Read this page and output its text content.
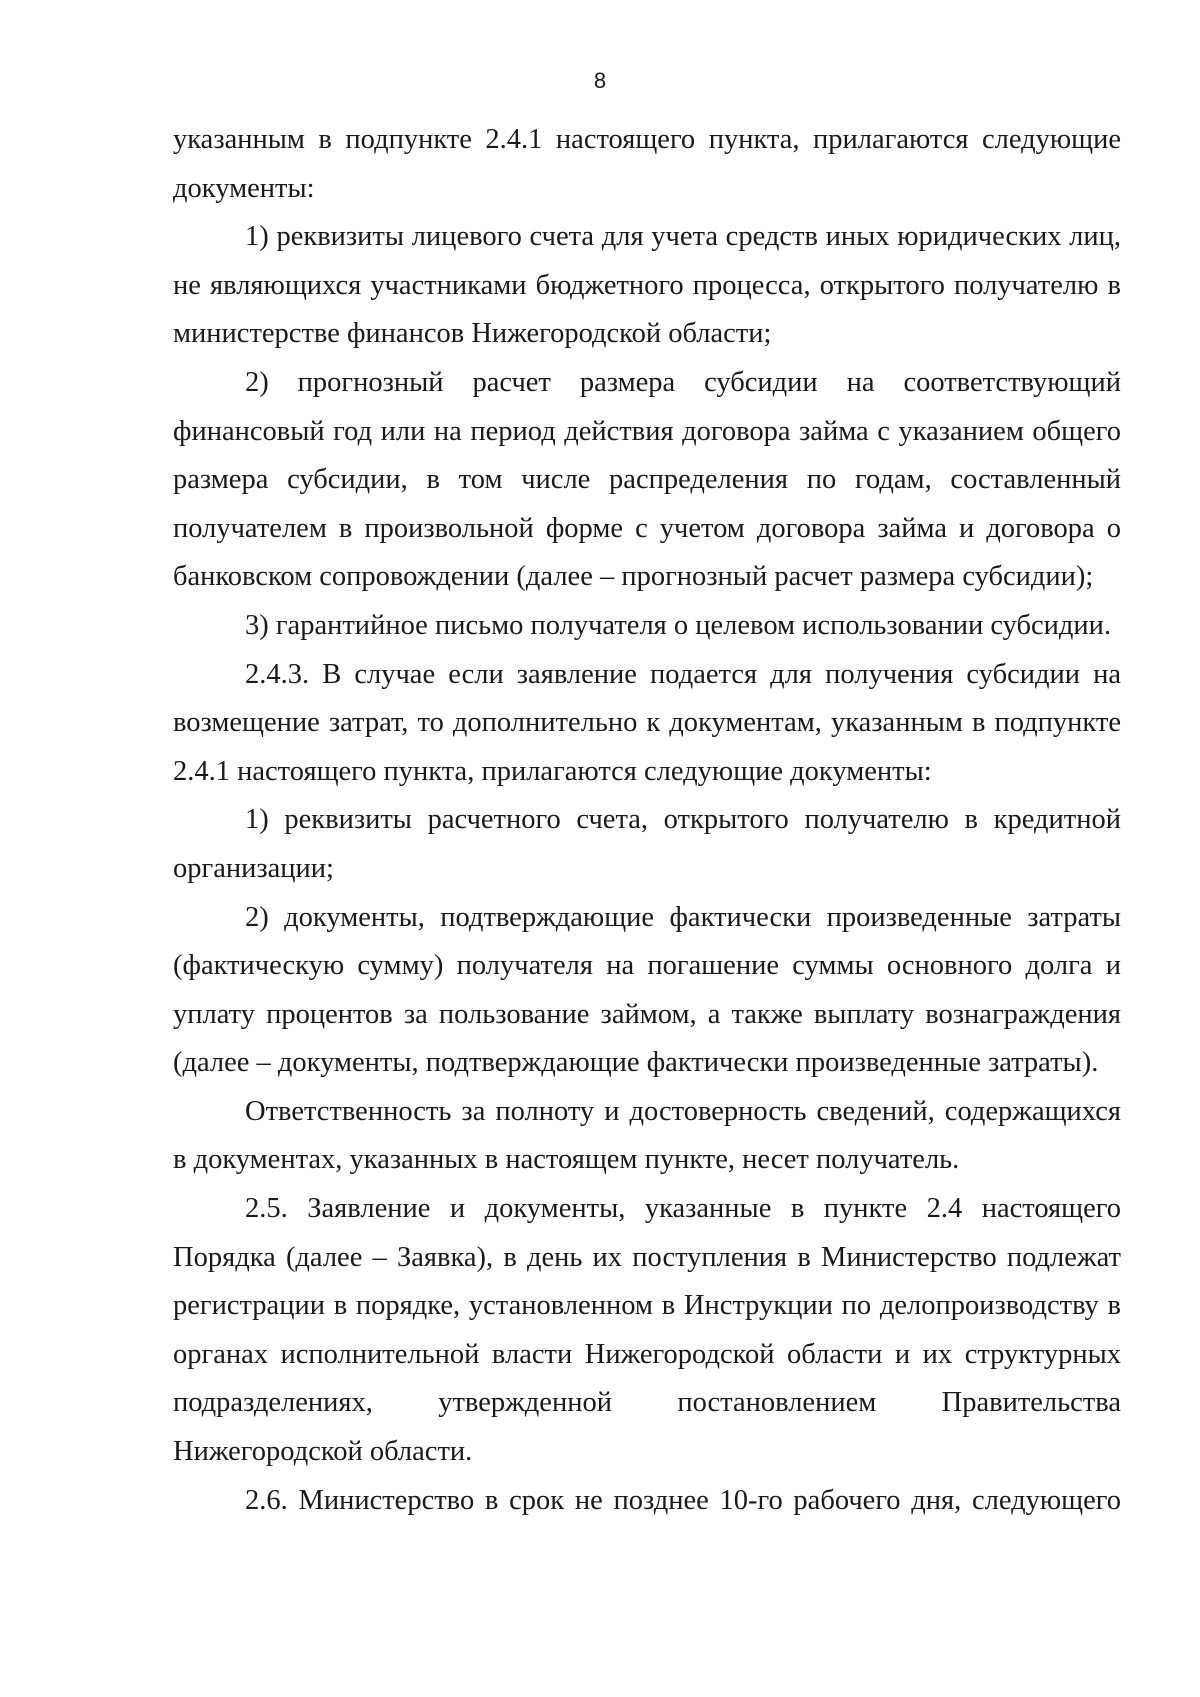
8

указанным в подпункте 2.4.1 настоящего пункта, прилагаются следующие документы:

1) реквизиты лицевого счета для учета средств иных юридических лиц, не являющихся участниками бюджетного процесса, открытого получателю в министерстве финансов Нижегородской области;

2) прогнозный расчет размера субсидии на соответствующий финансовый год или на период действия договора займа с указанием общего размера субсидии, в том числе распределения по годам, составленный получателем в произвольной форме с учетом договора займа и договора о банковском сопровождении (далее – прогнозный расчет размера субсидии);

3) гарантийное письмо получателя о целевом использовании субсидии.

2.4.3. В случае если заявление подается для получения субсидии на возмещение затрат, то дополнительно к документам, указанным в подпункте 2.4.1 настоящего пункта, прилагаются следующие документы:

1) реквизиты расчетного счета, открытого получателю в кредитной организации;

2) документы, подтверждающие фактически произведенные затраты (фактическую сумму) получателя на погашение суммы основного долга и уплату процентов за пользование займом, а также выплату вознаграждения (далее – документы, подтверждающие фактически произведенные затраты).

Ответственность за полноту и достоверность сведений, содержащихся в документах, указанных в настоящем пункте, несет получатель.

2.5. Заявление и документы, указанные в пункте 2.4 настоящего Порядка (далее – Заявка), в день их поступления в Министерство подлежат регистрации в порядке, установленном в Инструкции по делопроизводству в органах исполнительной власти Нижегородской области и их структурных подразделениях, утвержденной постановлением Правительства Нижегородской области.

2.6. Министерство в срок не позднее 10-го рабочего дня, следующего
